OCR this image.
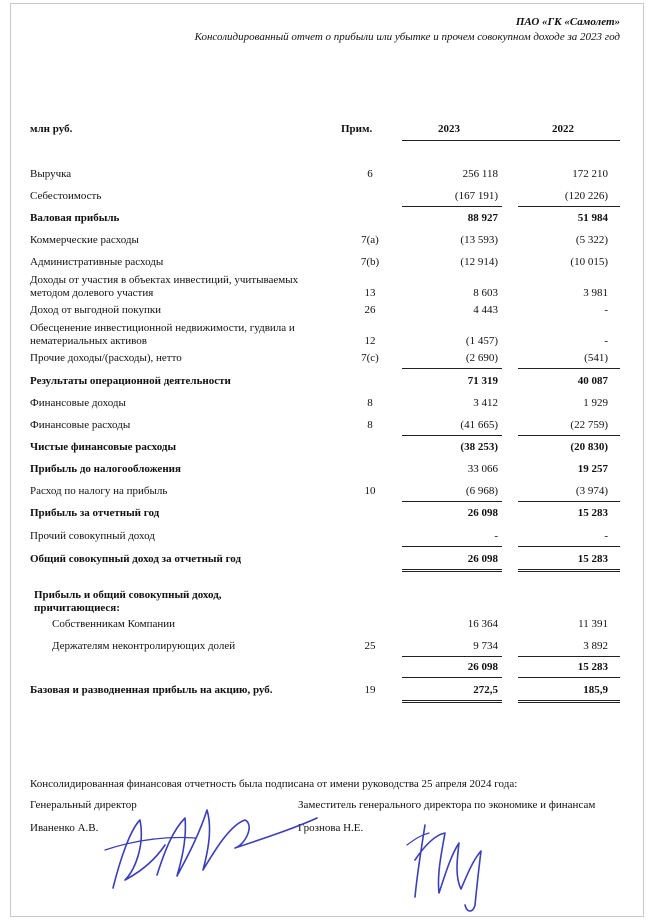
ПАО «ГК «Самолет»
Консолидированный отчет о прибыли или убытке и прочем совокупном доходе за 2023 год
млн руб.	Прим.	2023	2022
Выручка	6	256 118	172 210
Себестоимость	(167 191)	(120 226)
Валовая прибыль	88 927	51 984
Коммерческие расходы	7(a)	(13 593)	(5 322)
Административные расходы	7(b)	(12 914)	(10 015)
Доходы от участия в объектах инвестиций, учитываемых методом долевого участия	13	8 603	3 981
Доход от выгодной покупки	26	4 443	-
Обесценение инвестиционной недвижимости, гудвила и нематериальных активов	12	(1 457)	-
Прочие доходы/(расходы), нетто	7(c)	(2 690)	(541)
Результаты операционной деятельности	71 319	40 087
Финансовые доходы	8	3 412	1 929
Финансовые расходы	8	(41 665)	(22 759)
Чистые финансовые расходы	(38 253)	(20 830)
Прибыль до налогообложения	33 066	19 257
Расход по налогу на прибыль	10	(6 968)	(3 974)
Прибыль за отчетный год	26 098	15 283
Прочий совокупный доход	-	-
Общий совокупный доход за отчетный год	26 098	15 283
Прибыль и общий совокупный доход, причитающиеся:
Собственникам Компании	16 364	11 391
Держателям неконтролирующих долей	25	9 734	3 892
26 098	15 283
Базовая и разводненная прибыль на акцию, руб.	19	272,5	185,9
Консолидированная финансовая отчетность была подписана от имени руководства 25 апреля 2024 года:
Генеральный директор
Иваненко А.В.
Заместитель генерального директора по экономике и финансам
Грознова Н.Е.
